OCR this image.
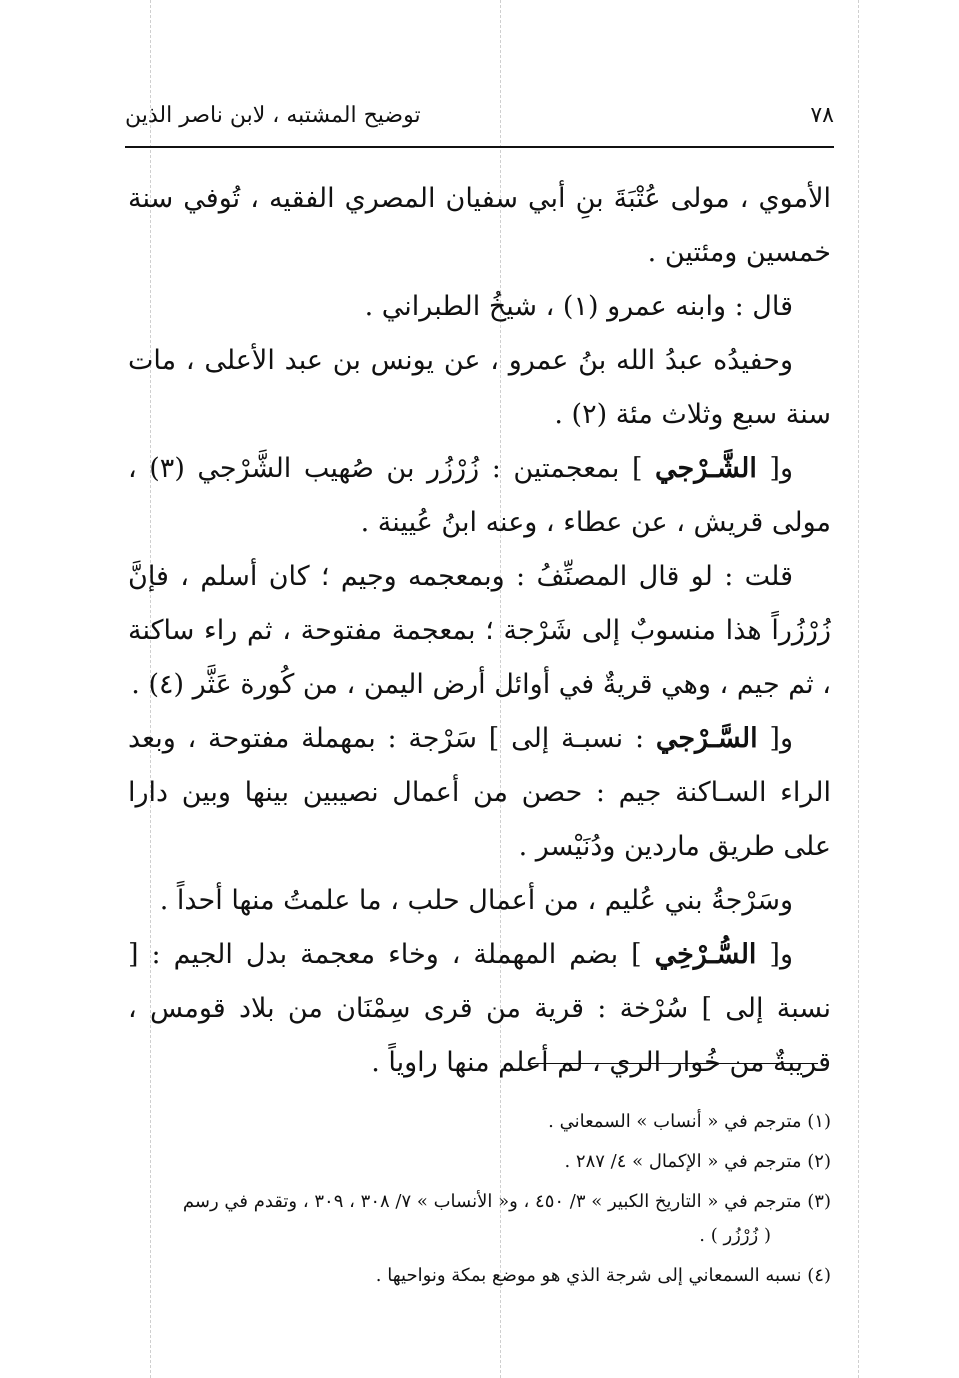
٧٨
توضيح المشتبه ، لابن ناصر الذين

الأموي ، مولى عُتْبَةَ بنِ أبي سفيان المصري الفقيه ، تُوفي سنة خمسين ومئتين .

قال : وابنه عمرو (١) ، شيخُ الطبراني .

وحفيدُه عبدُ الله بنُ عمرو ، عن يونس بن عبد الأعلى ، مات سنة سبع وثلاث مئة (٢) .

و[ الشَّـرْجي ] بمعجمتين : زُرْزُر بن صُهيب الشَّرْجي (٣) ، مولى قريش ، عن عطاء ، وعنه ابنُ عُيينة .

قلت : لو قال المصنِّفُ : وبمعجمه وجيم ؛ كان أسلم ، فإنَّ زُرْزُراً هذا منسوبٌ إلى شَرْجة ؛ بمعجمة مفتوحة ، ثم راء ساكنة ، ثم جيم ، وهي قريةٌ في أوائل أرض اليمن ، من كُورة عَثَّر (٤) .

و[ السَّـرْجي : نسبـة إلى ] سَرْجة : بمهملة مفتوحة ، وبعد الراء السـاكنة جيم : حصن من أعمال نصيبين بينها وبين دارا على طريق ماردين ودُنَيْسر .

وسَرْجةُ بني عُليم ، من أعمال حلب ، ما علمتُ منها أحداً .

و[ السُّـرْخِي ] بضم المهملة ، وخاء معجمة بدل الجيم : [ نسبة إلى ] سُرْخة : قرية من قرى سِمْنَان من بلاد قومس ، قريبةٌ من خُوار الري ، لم أعلم منها راوياً .

(١) مترجم في « أنساب » السمعاني .

(٢) مترجم في « الإكمال » ٤/ ٢٨٧ .

(٣) مترجم في « التاريخ الكبير » ٣/ ٤٥٠ ، و« الأنساب » ٧/ ٣٠٨ ، ٣٠٩ ، وتقدم في رسم
( زُرْزُر ) .

(٤) نسبه السمعاني إلى شرجة الذي هو موضع بمكة ونواحيها .
